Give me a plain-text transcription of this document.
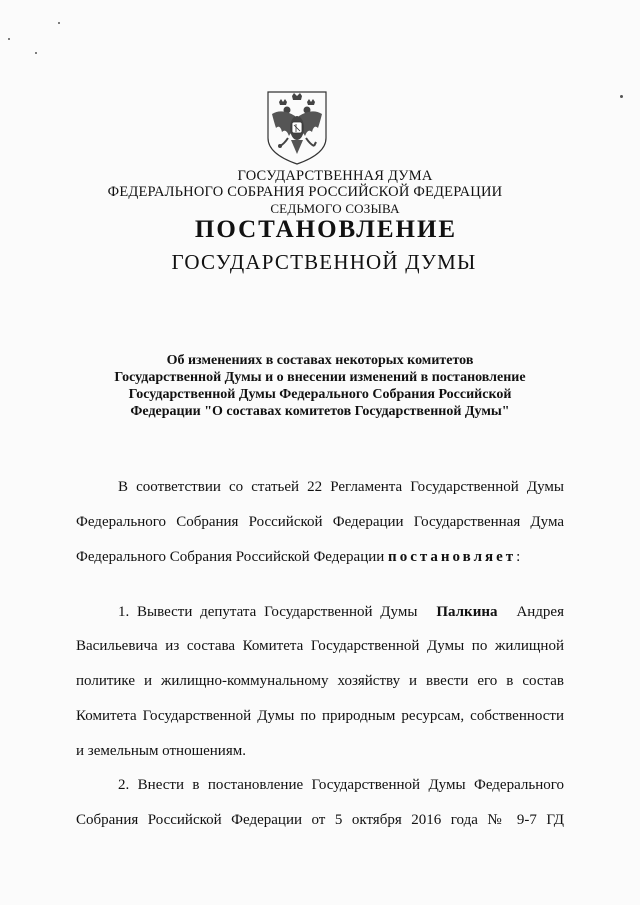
ГОСУДАРСТВЕННАЯ ДУМА
ФЕДЕРАЛЬНОГО СОБРАНИЯ РОССИЙСКОЙ ФЕДЕРАЦИИ
СЕДЬМОГО СОЗЫВА
ПОСТАНОВЛЕНИЕ
ГОСУДАРСТВЕННОЙ ДУМЫ
Об изменениях в составах некоторых комитетов
Государственной Думы и о внесении изменений в постановление
Государственной Думы Федерального Собрания Российской
Федерации "О составах комитетов Государственной Думы"
В соответствии со статьей 22 Регламента Государственной Думы
Федерального Собрания Российской Федерации Государственная Дума
Федерального Собрания Российской Федерации постановляет:
1. Вывести депутата Государственной Думы Палкина Андрея
Васильевича из состава Комитета Государственной Думы по жилищной
политике и жилищно-коммунальному хозяйству и ввести его в состав
Комитета Государственной Думы по природным ресурсам, собственности
и земельным отношениям.
2. Внести в постановление Государственной Думы Федерального
Собрания Российской Федерации от 5 октября 2016 года № 9-7 ГД
